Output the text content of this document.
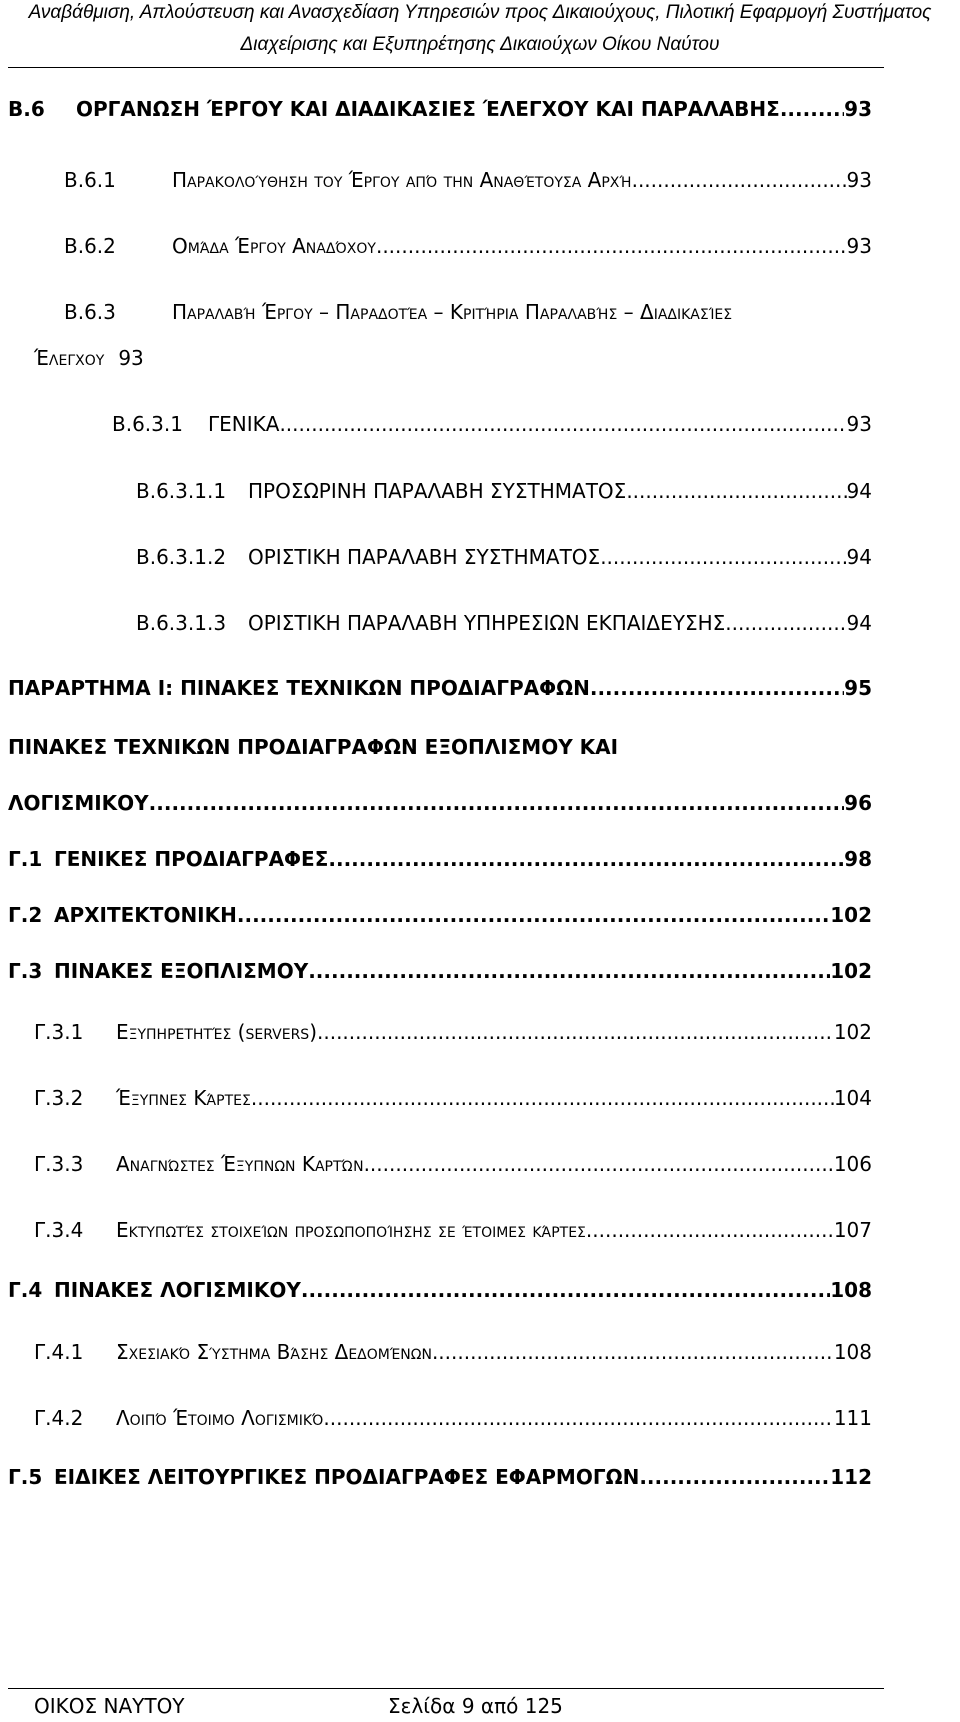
Αναβάθμιση, Απλούστευση και Ανασχεδίαση Υπηρεσιών προς Δικαιούχους, Πιλοτική Εφαρμογή Συστήματος
Διαχείρισης και Εξυπηρέτησης Δικαιούχων Οίκου Ναύτου
B.6	ΟΡΓΑΝΩΣΗ ΈΡΓΟΥ ΚΑΙ ΔΙΑΔΙΚΑΣΙΕΣ ΈΛΕΓΧΟΥ ΚΑΙ ΠΑΡΑΛΑΒΗΣ .....	93
B.6.1	Παρακολούθηση του Έργου από την Αναθέτουσα Αρχή .....	93
B.6.2	Ομάδα Έργου Αναδόχου .....	93
B.6.3	Παραλαβή Έργου – Παραδοτέα – Κριτήρια Παραλαβής – Διαδικασίες
Έλεγχου 93
B.6.3.1	ΓΕΝΙΚΑ .....	93
B.6.3.1.1	ΠΡΟΣΩΡΙΝΗ ΠΑΡΑΛΑΒΗ ΣΥΣΤΗΜΑΤΟΣ .....	94
B.6.3.1.2	ΟΡΙΣΤΙΚΗ ΠΑΡΑΛΑΒΗ ΣΥΣΤΗΜΑΤΟΣ .....	94
B.6.3.1.3	ΟΡΙΣΤΙΚΗ ΠΑΡΑΛΑΒΗ ΥΠΗΡΕΣΙΩΝ ΕΚΠΑΙΔΕΥΣΗΣ .....	94
ΠΑΡΑΡΤΗΜΑ Ι: ΠΙΝΑΚΕΣ ΤΕΧΝΙΚΩΝ ΠΡΟΔΙΑΓΡΑΦΩΝ .....	95
ΠΙΝΑΚΕΣ ΤΕΧΝΙΚΩΝ ΠΡΟΔΙΑΓΡΑΦΩΝ ΕΞΟΠΛΙΣΜΟΥ ΚΑΙ
ΛΟΓΙΣΜΙΚΟΥ .....	96
Γ.1 ΓΕΝΙΚΕΣ ΠΡΟΔΙΑΓΡΑΦΕΣ .....	98
Γ.2 ΑΡΧΙΤΕΚΤΟΝΙΚΗ .....	102
Γ.3 ΠΙΝΑΚΕΣ ΕΞΟΠΛΙΣΜΟΥ .....	102
Γ.3.1	Εξυπηρετητές (servers) .....	102
Γ.3.2	Έξυπνες Κάρτες .....	104
Γ.3.3	Αναγνώστες Έξυπνων Καρτών .....	106
Γ.3.4	Εκτυπωτές στοιχείων προσωποποίησης σε έτοιμες κάρτες .....	107
Γ.4 ΠΙΝΑΚΕΣ ΛΟΓΙΣΜΙΚΟΥ .....	108
Γ.4.1	Σχεσιακό Σύστημα Βάσης Δεδομένων .....	108
Γ.4.2	Λοιπό Έτοιμο Λογισμικό .....	111
Γ.5 ΕΙΔΙΚΕΣ ΛΕΙΤΟΥΡΓΙΚΕΣ ΠΡΟΔΙΑΓΡΑΦΕΣ ΕΦΑΡΜΟΓΩΝ .....	112
ΟΙΚΟΣ ΝΑΥΤΟΥ	Σελίδα 9 από 125
